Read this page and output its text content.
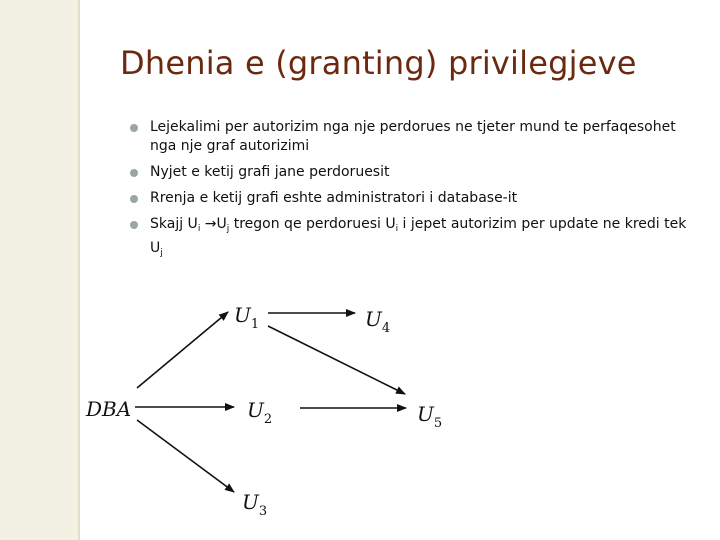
Dhenia e (granting) privilegjeve
Lejekalimi per autorizim nga nje perdorues ne tjeter mund te perfaqesohet nga nje graf autorizimi
Nyjet e ketij grafi jane perdoruesit
Rrenja e ketij grafi eshte administratori i database-it
Skajj $U_i \to U_j$ tregon qe perdoruesi $U_i$ i jepet autorizim per update ne kredi tek $U_j$
DBA
$U_1$	$U_4$
$U_2$	$U_5$
$U_3$
